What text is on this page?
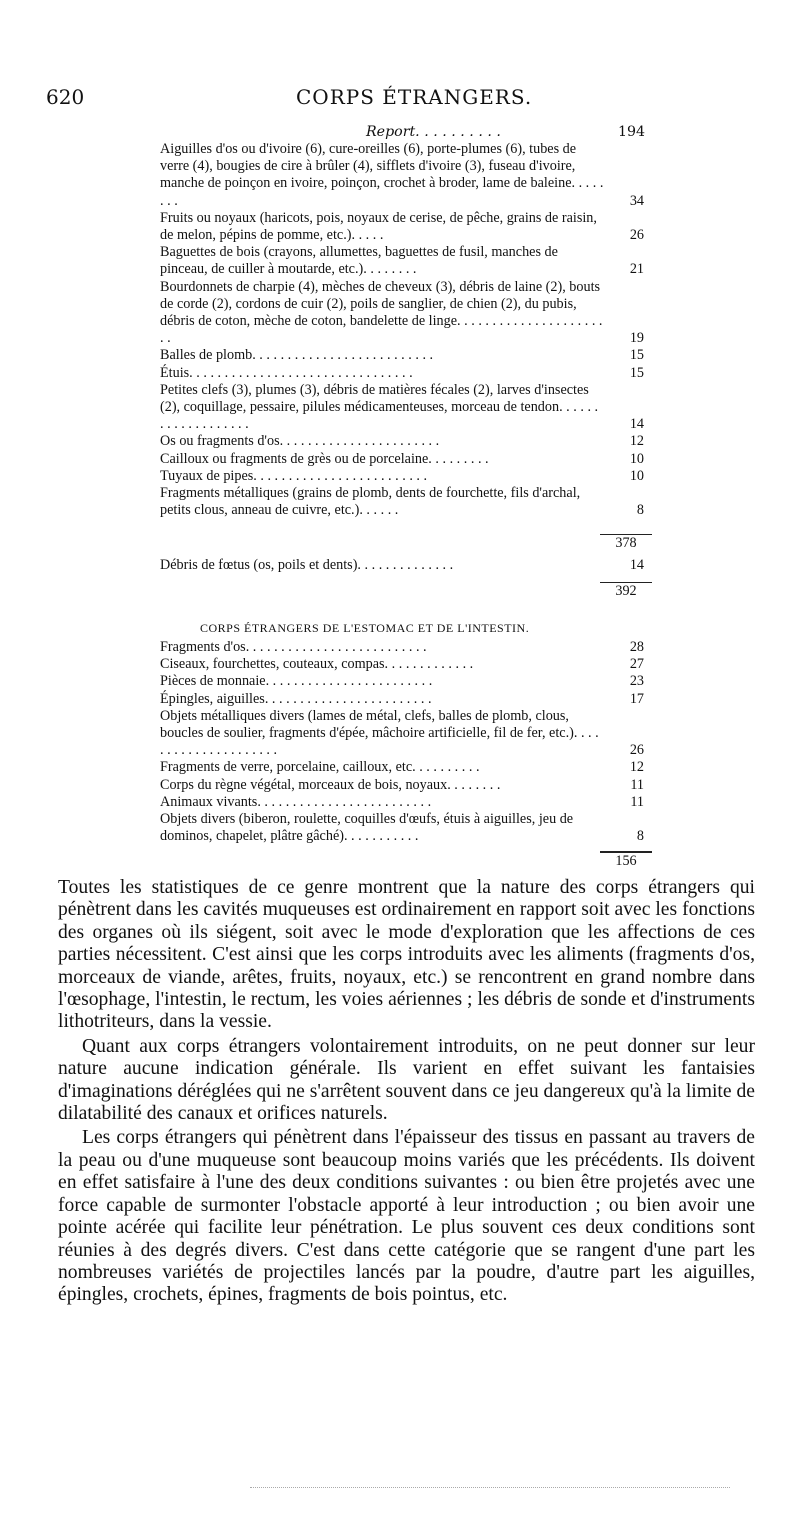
620	CORPS ÉTRANGERS.
Report. . . . . . . . . .	194
Aiguilles d'os ou d'ivoire (6), cure-oreilles (6), porte-plumes (6), tubes de verre (4), bougies de cire à brûler (4), sifflets d'ivoire (3), fuseau d'ivoire, manche de poinçon en ivoire, poinçon, crochet à broder, lame de baleine. . . . . . . .	34
Fruits ou noyaux (haricots, pois, noyaux de cerise, de pêche, grains de raisin, de melon, pépins de pomme, etc.). . . . .	26
Baguettes de bois (crayons, allumettes, baguettes de fusil, manches de pinceau, de cuiller à moutarde, etc.). . . . . . . .	21
Bourdonnets de charpie (4), mèches de cheveux (3), débris de laine (2), bouts de corde (2), cordons de cuir (2), poils de sanglier, de chien (2), du pubis, débris de coton, mèche de coton, bandelette de linge. . . . . . . . . . . . . . . . . . . . . . .	19
Balles de plomb. . . . . . . . . . . . . . . . . . . . . . . . . .	15
Étuis. . . . . . . . . . . . . . . . . . . . . . . . . . . . . . . .	15
Petites clefs (3), plumes (3), débris de matières fécales (2), larves d'insectes (2), coquillage, pessaire, pilules médicamenteuses, morceau de tendon. . . . . . . . . . . . . . . . . . .	14
Os ou fragments d'os. . . . . . . . . . . . . . . . . . . . . . .	12
Cailloux ou fragments de grès ou de porcelaine. . . . . . . . .	10
Tuyaux de pipes. . . . . . . . . . . . . . . . . . . . . . . . .	10
Fragments métalliques (grains de plomb, dents de fourchette, fils d'archal, petits clous, anneau de cuivre, etc.). . . . . .	8
378
Débris de fœtus (os, poils et dents). . . . . . . . . . . . . .	14
392
CORPS ÉTRANGERS DE L'ESTOMAC ET DE L'INTESTIN.
Fragments d'os. . . . . . . . . . . . . . . . . . . . . . . . . .	28
Ciseaux, fourchettes, couteaux, compas. . . . . . . . . . . . .	27
Pièces de monnaie. . . . . . . . . . . . . . . . . . . . . . . .	23
Épingles, aiguilles. . . . . . . . . . . . . . . . . . . . . . . .	17
Objets métalliques divers (lames de métal, clefs, balles de plomb, clous, boucles de soulier, fragments d'épée, mâchoire artificielle, fil de fer, etc.). . . . . . . . . . . . . . . . . . . . .	26
Fragments de verre, porcelaine, cailloux, etc. . . . . . . . . .	12
Corps du règne végétal, morceaux de bois, noyaux. . . . . . . .	11
Animaux vivants. . . . . . . . . . . . . . . . . . . . . . . . .	11
Objets divers (biberon, roulette, coquilles d'œufs, étuis à aiguilles, jeu de dominos, chapelet, plâtre gâché). . . . . . . . . . .	8
156

Toutes les statistiques de ce genre montrent que la nature des corps étrangers qui pénètrent dans les cavités muqueuses est ordinairement en rapport soit avec les fonctions des organes où ils siégent, soit avec le mode d'exploration que les affections de ces parties nécessitent. C'est ainsi que les corps introduits avec les aliments (fragments d'os, morceaux de viande, arêtes, fruits, noyaux, etc.) se rencontrent en grand nombre dans l'œsophage, l'intestin, le rectum, les voies aériennes ; les débris de sonde et d'instruments lithotriteurs, dans la vessie.

Quant aux corps étrangers volontairement introduits, on ne peut donner sur leur nature aucune indication générale. Ils varient en effet suivant les fantaisies d'imaginations déréglées qui ne s'arrêtent souvent dans ce jeu dangereux qu'à la limite de dilatabilité des canaux et orifices naturels.

Les corps étrangers qui pénètrent dans l'épaisseur des tissus en passant au travers de la peau ou d'une muqueuse sont beaucoup moins variés que les précédents. Ils doivent en effet satisfaire à l'une des deux conditions suivantes : ou bien être projetés avec une force capable de surmonter l'obstacle apporté à leur introduction ; ou bien avoir une pointe acérée qui facilite leur pénétration. Le plus souvent ces deux conditions sont réunies à des degrés divers. C'est dans cette catégorie que se rangent d'une part les nombreuses variétés de projectiles lancés par la poudre, d'autre part les aiguilles, épingles, crochets, épines, fragments de bois pointus, etc.
